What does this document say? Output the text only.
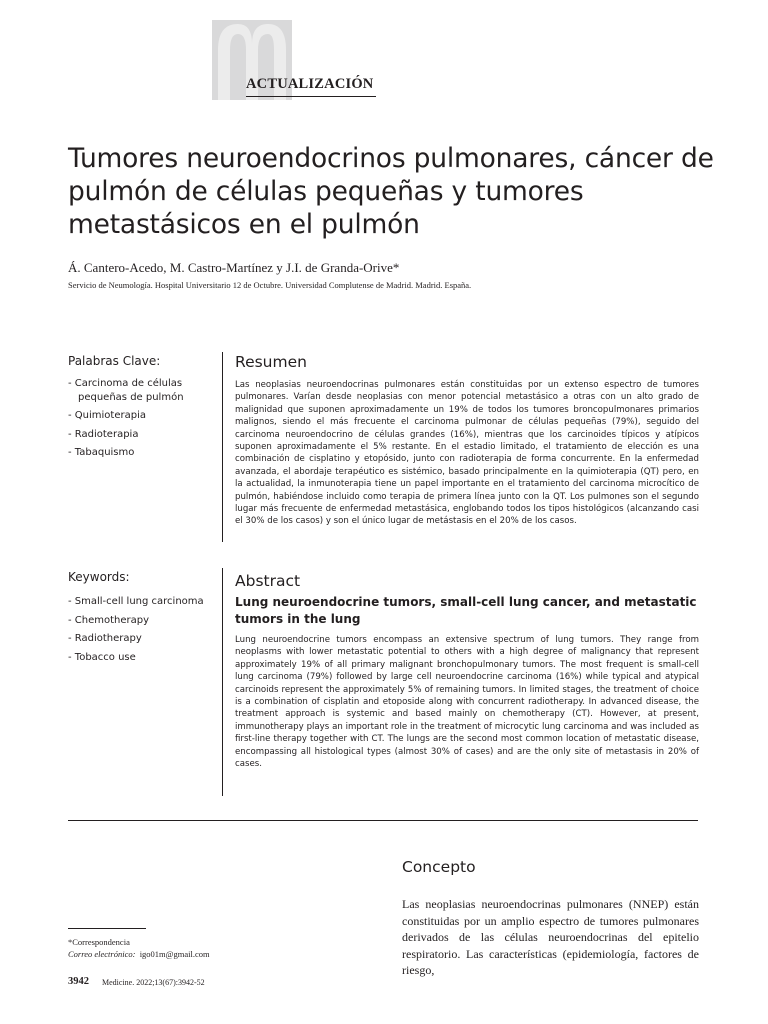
ACTUALIZACIÓN
Tumores neuroendocrinos pulmonares, cáncer de pulmón de células pequeñas y tumores metastásicos en el pulmón
Á. Cantero-Acedo, M. Castro-Martínez y J.I. de Granda-Orive*
Servicio de Neumología. Hospital Universitario 12 de Octubre. Universidad Complutense de Madrid. Madrid. España.
Palabras Clave:
- Carcinoma de células pequeñas de pulmón
- Quimioterapia
- Radioterapia
- Tabaquismo
Resumen

Las neoplasias neuroendocrinas pulmonares están constituidas por un extenso espectro de tumores pulmonares. Varían desde neoplasias con menor potencial metastásico a otras con un alto grado de malignidad que suponen aproximadamente un 19% de todos los tumores broncopulmonares primarios malignos, siendo el más frecuente el carcinoma pulmonar de células pequeñas (79%), seguido del carcinoma neuroendocrino de células grandes (16%), mientras que los carcinoides típicos y atípicos suponen aproximadamente el 5% restante. En el estadio limitado, el tratamiento de elección es una combinación de cisplatino y etopósido, junto con radioterapia de forma concurrente. En la enfermedad avanzada, el abordaje terapéutico es sistémico, basado principalmente en la quimioterapia (QT) pero, en la actualidad, la inmunoterapia tiene un papel importante en el tratamiento del carcinoma microcítico de pulmón, habiéndose incluido como terapia de primera línea junto con la QT. Los pulmones son el segundo lugar más frecuente de enfermedad metastásica, englobando todos los tipos histológicos (alcanzando casi el 30% de los casos) y son el único lugar de metástasis en el 20% de los casos.

Keywords:
- Small-cell lung carcinoma
- Chemotherapy
- Radiotherapy
- Tobacco use
Abstract
Lung neuroendocrine tumors, small-cell lung cancer, and metastatic tumors in the lung

Lung neuroendocrine tumors encompass an extensive spectrum of lung tumors. They range from neoplasms with lower metastatic potential to others with a high degree of malignancy that represent approximately 19% of all primary malignant bronchopulmonary tumors. The most frequent is small-cell lung carcinoma (79%) followed by large cell neuroendocrine carcinoma (16%) while typical and atypical carcinoids represent the approximately 5% of remaining tumors. In limited stages, the treatment of choice is a combination of cisplatin and etoposide along with concurrent radiotherapy. In advanced disease, the treatment approach is systemic and based mainly on chemotherapy (CT). However, at present, immunotherapy plays an important role in the treatment of microcytic lung carcinoma and was included as first-line therapy together with CT. The lungs are the second most common location of metastatic disease, encompassing all histological types (almost 30% of cases) and are the only site of metastasis in 20% of cases.

Concepto

Las neoplasias neuroendocrinas pulmonares (NNEP) están constituidas por un amplio espectro de tumores pulmonares derivados de las células neuroendocrinas del epitelio respiratorio. Las características (epidemiología, factores de riesgo,

*Correspondencia
Correo electrónico: igo01m@gmail.com
3942 Medicine. 2022;13(67):3942-52
